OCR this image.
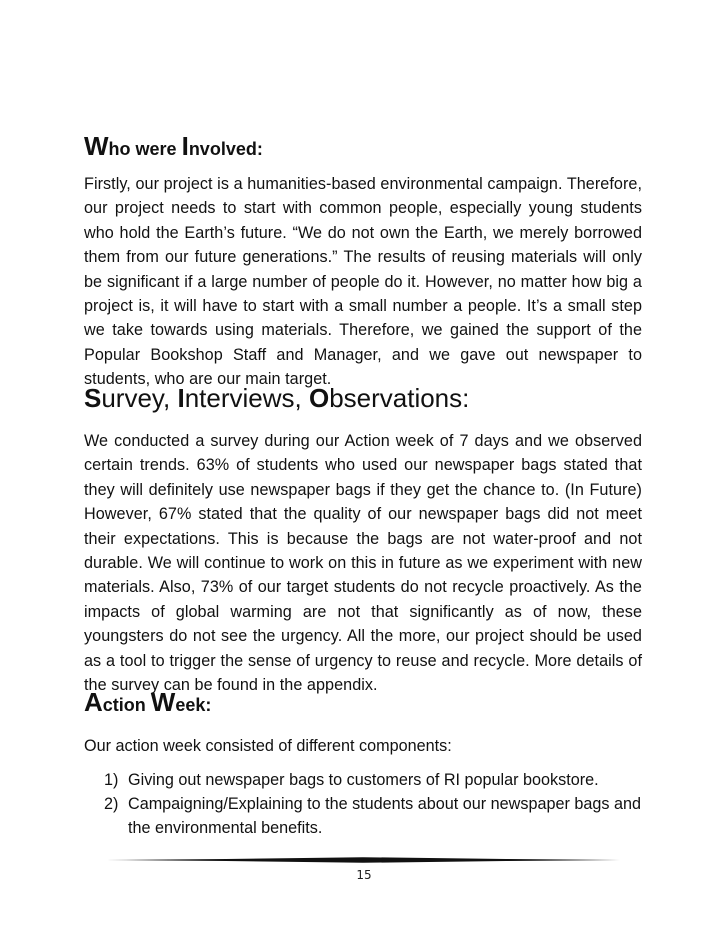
Who were Involved:

Firstly, our project is a humanities-based environmental campaign. Therefore, our project needs to start with common people, especially young students who hold the Earth’s future. “We do not own the Earth, we merely borrowed them from our future generations.” The results of reusing materials will only be significant if a large number of people do it. However, no matter how big a project is, it will have to start with a small number a people. It’s a small step we take towards using materials. Therefore, we gained the support of the Popular Bookshop Staff and Manager, and we gave out newspaper to students, who are our main target.

Survey, Interviews, Observations:

We conducted a survey during our Action week of 7 days and we observed certain trends. 63% of students who used our newspaper bags stated that they will definitely use newspaper bags if they get the chance to. (In Future) However, 67% stated that the quality of our newspaper bags did not meet their expectations. This is because the bags are not water-proof and not durable. We will continue to work on this in future as we experiment with new materials. Also, 73% of our target students do not recycle proactively. As the impacts of global warming are not that significantly as of now, these youngsters do not see the urgency. All the more, our project should be used as a tool to trigger the sense of urgency to reuse and recycle. More details of the survey can be found in the appendix.

Action Week:

Our action week consisted of different components:

1) Giving out newspaper bags to customers of RI popular bookstore.
2) Campaigning/Explaining to the students about our newspaper bags and the environmental benefits.
15
